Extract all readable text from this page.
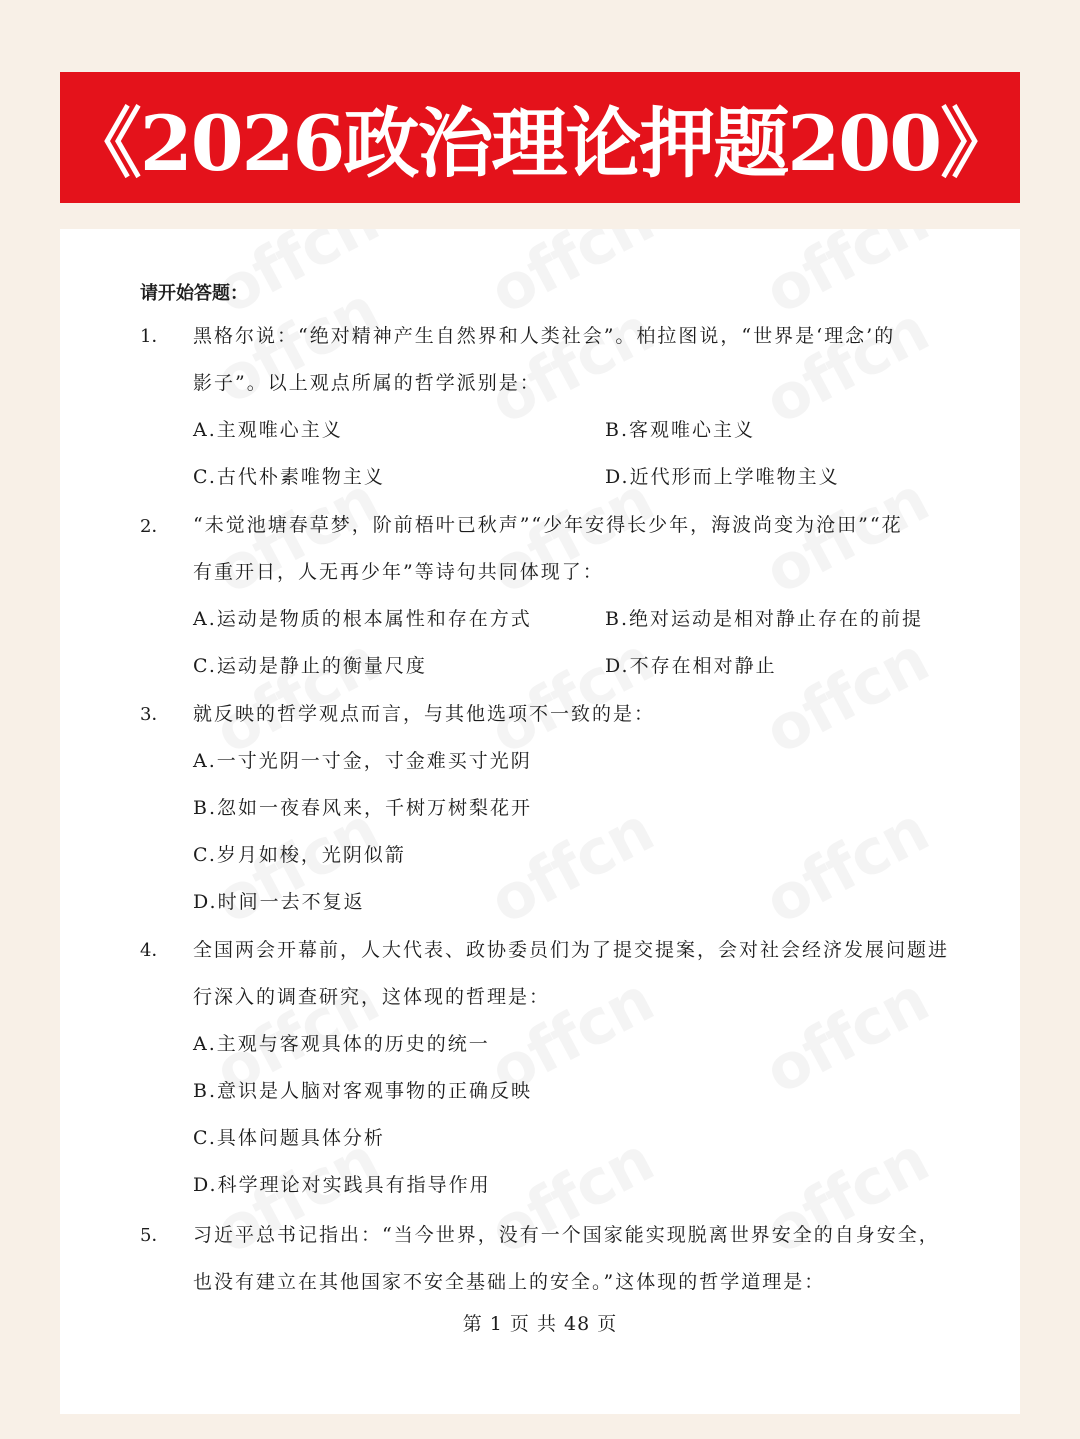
《2026政治理论押题200》
请开始答题：
1． 黑格尔说：“绝对精神产生自然界和人类社会”。柏拉图说，“世界是‘理念’的
影子”。以上观点所属的哲学派别是：
A.主观唯心主义	B.客观唯心主义
C.古代朴素唯物主义	D.近代形而上学唯物主义
2． “未觉池塘春草梦，阶前梧叶已秋声”“少年安得长少年，海波尚变为沧田”“花
有重开日，人无再少年”等诗句共同体现了：
A.运动是物质的根本属性和存在方式	B.绝对运动是相对静止存在的前提
C.运动是静止的衡量尺度	D.不存在相对静止
3． 就反映的哲学观点而言，与其他选项不一致的是：
A.一寸光阴一寸金，寸金难买寸光阴
B.忽如一夜春风来，千树万树梨花开
C.岁月如梭，光阴似箭
D.时间一去不复返
4． 全国两会开幕前，人大代表、政协委员们为了提交提案，会对社会经济发展问题进
行深入的调查研究，这体现的哲理是：
A.主观与客观具体的历史的统一
B.意识是人脑对客观事物的正确反映
C.具体问题具体分析
D.科学理论对实践具有指导作用
5． 习近平总书记指出：“当今世界，没有一个国家能实现脱离世界安全的自身安全，
也没有建立在其他国家不安全基础上的安全。”这体现的哲学道理是：
第 1 页 共 48 页
